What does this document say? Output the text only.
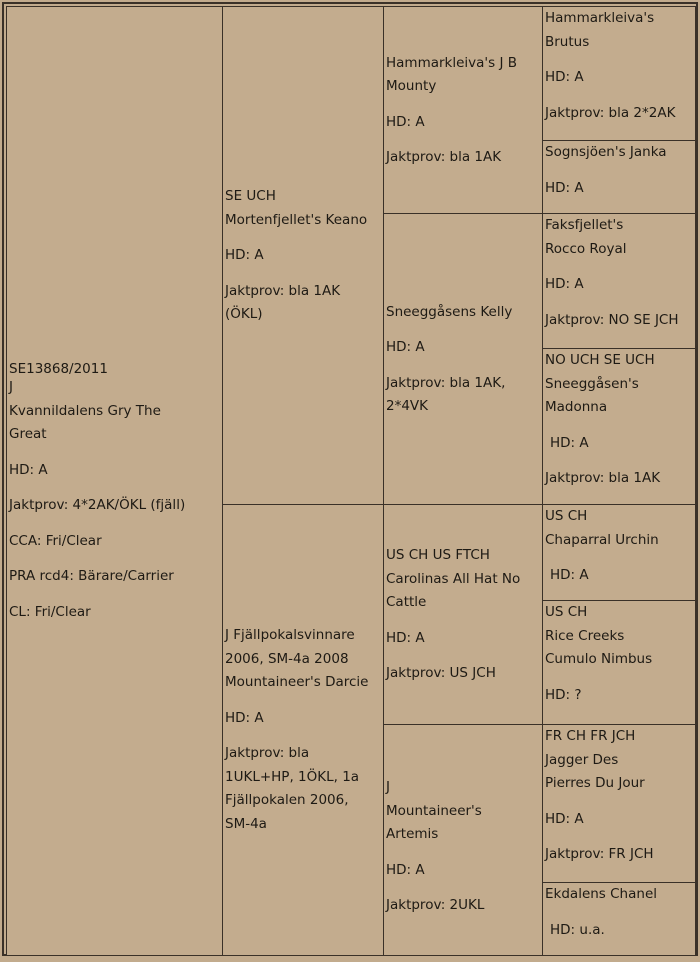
SE13868/2011
J
Kvannildalens Gry The
Great
HD: A
Jaktprov: 4*2AK/ÖKL (fjäll)
CCA: Fri/Clear
PRA rcd4: Bärare/Carrier
CL: Fri/Clear
SE UCH
Mortenfjellet's Keano
HD: A
Jaktprov: bla 1AK
(ÖKL)
J Fjällpokalsvinnare
2006, SM-4a 2008
Mountaineer's Darcie
HD: A
Jaktprov: bla
1UKL+HP, 1ÖKL, 1a
Fjällpokalen 2006,
SM-4a
Hammarkleiva's J B
Mounty
HD: A
Jaktprov: bla 1AK
Sneeggåsens Kelly
HD: A
Jaktprov: bla 1AK,
2*4VK
US CH US FTCH
Carolinas All Hat No
Cattle
HD: A
Jaktprov: US JCH
J
Mountaineer's
Artemis
HD: A
Jaktprov: 2UKL
Hammarkleiva's
Brutus
HD: A
Jaktprov: bla 2*2AK
Sognsjöen's Janka
HD: A
Faksfjellet's
Rocco Royal
HD: A
Jaktprov: NO SE JCH
NO UCH SE UCH
Sneeggåsen's
Madonna
HD: A
Jaktprov: bla 1AK
US CH
Chaparral Urchin
HD: A
US CH
Rice Creeks
Cumulo Nimbus
HD: ?
FR CH FR JCH
Jagger Des
Pierres Du Jour
HD: A
Jaktprov: FR JCH
Ekdalens Chanel
HD: u.a.
